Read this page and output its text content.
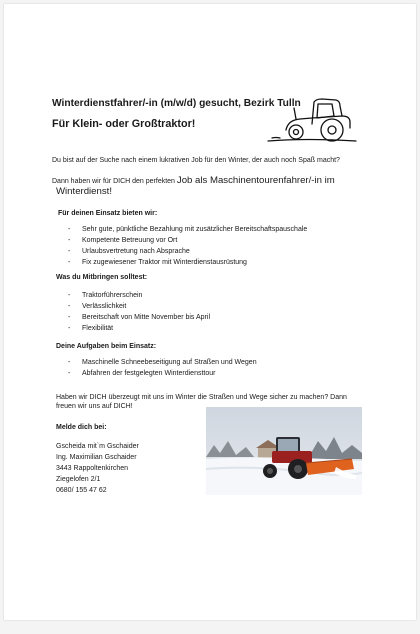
Winterdienstfahrer/-in (m/w/d) gesucht, Bezirk Tulln
Für Klein- oder Großtraktor!
Du bist auf der Suche nach einem lukrativen Job für den Winter, der auch noch Spaß macht?
Dann haben wir für DICH den perfekten Job als Maschinentourenfahrer/-in im
Winterdienst!
Für deinen Einsatz bieten wir:
- Sehr gute, pünktliche Bezahlung mit zusätzlicher Bereitschaftspauschale
- Kompetente Betreuung vor Ort
- Urlaubsvertretung nach Absprache
- Fix zugewiesener Traktor mit Winterdienstausrüstung
Was du Mitbringen solltest:
- Traktorführerschein
- Verlässlichkeit
- Bereitschaft von Mitte November bis April
- Flexibilität
Deine Aufgaben beim Einsatz:
- Maschinelle Schneebeseitigung auf Straßen und Wegen
- Abfahren der festgelegten Winterdiensttour
Haben wir DICH überzeugt mit uns im Winter die Straßen und Wege sicher zu machen? Dann
freuen wir uns auf DICH!
Melde dich bei:
Gscheida mit`m Gschaider
Ing. Maximilian Gschaider
3443 Rappoltenkirchen
Ziegelofen 2/1
0680/ 155 47 62
